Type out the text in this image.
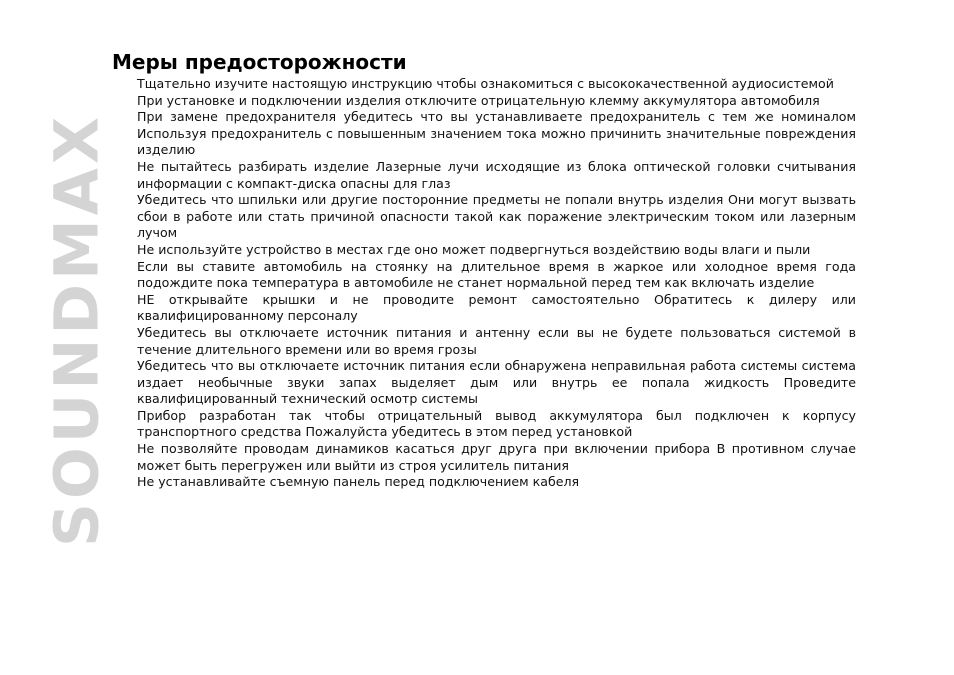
SOUNDMAX
Меры предосторожности
Тщательно изучите настоящую инструкцию чтобы ознакомиться с высококачественной аудиосистемой
При установке и подключении изделия отключите отрицательную клемму аккумулятора автомобиля
При замене предохранителя убедитесь что вы устанавливаете предохранитель с тем же номиналом Используя предохранитель с повышенным значением тока можно причинить значительные повреждения изделию
Не пытайтесь разбирать изделие Лазерные лучи исходящие из блока оптической головки считывания информации с компакт-диска опасны для глаз
Убедитесь что шпильки или другие посторонние предметы не попали внутрь изделия Они могут вызвать сбои в работе или стать причиной опасности такой как поражение электрическим током или лазерным лучом
Не используйте устройство в местах где оно может подвергнуться воздействию воды влаги и пыли
Если вы ставите автомобиль на стоянку на длительное время в жаркое или холодное время года подождите пока температура в автомобиле не станет нормальной перед тем как включать изделие
НЕ открывайте крышки и не проводите ремонт самостоятельно Обратитесь к дилеру или квалифицированному персоналу
Убедитесь вы отключаете источник питания и антенну если вы не будете пользоваться системой в течение длительного времени или во время грозы
Убедитесь что вы отключаете источник питания если обнаружена неправильная работа системы система издает необычные звуки запах выделяет дым или внутрь ее попала жидкость Проведите квалифицированный технический осмотр системы
Прибор разработан так чтобы отрицательный вывод аккумулятора был подключен к корпусу транспортного средства Пожалуйста убедитесь в этом перед установкой
Не позволяйте проводам динамиков касаться друг друга при включении прибора В противном случае может быть перегружен или выйти из строя усилитель питания
Не устанавливайте съемную панель перед подключением кабеля
